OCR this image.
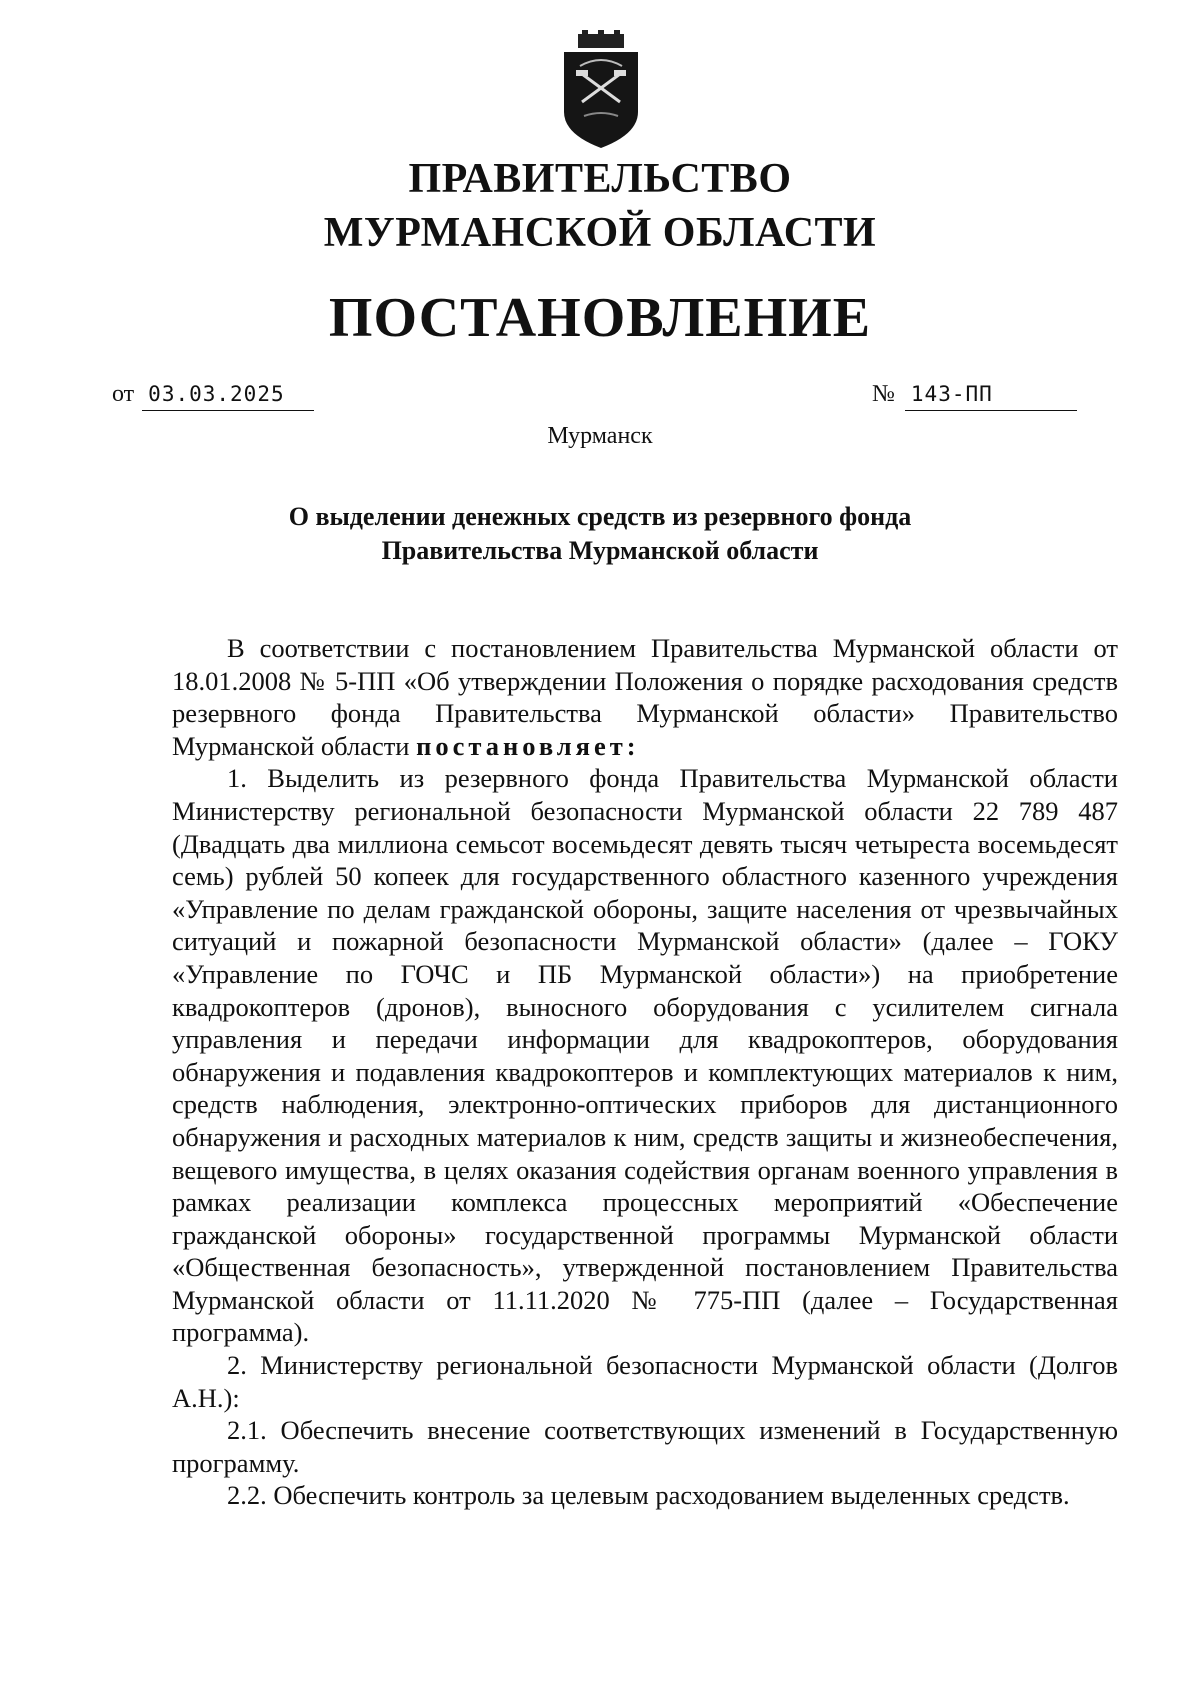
ПРАВИТЕЛЬСТВО
МУРМАНСКОЙ ОБЛАСТИ
ПОСТАНОВЛЕНИЕ
от 03.03.2025	№ 143-ПП
Мурманск
О выделении денежных средств из резервного фонда
Правительства Мурманской области

В соответствии с постановлением Правительства Мурманской области от 18.01.2008 № 5-ПП «Об утверждении Положения о порядке расходования средств резервного фонда Правительства Мурманской области» Правительство Мурманской области постановляет:

1. Выделить из резервного фонда Правительства Мурманской области Министерству региональной безопасности Мурманской области 22 789 487 (Двадцать два миллиона семьсот восемьдесят девять тысяч четыреста восемьдесят семь) рублей 50 копеек для государственного областного казенного учреждения «Управление по делам гражданской обороны, защите населения от чрезвычайных ситуаций и пожарной безопасности Мурманской области» (далее – ГОКУ «Управление по ГОЧС и ПБ Мурманской области») на приобретение квадрокоптеров (дронов), выносного оборудования с усилителем сигнала управления и передачи информации для квадрокоптеров, оборудования обнаружения и подавления квадрокоптеров и комплектующих материалов к ним, средств наблюдения, электронно-оптических приборов для дистанционного обнаружения и расходных материалов к ним, средств защиты и жизнеобеспечения, вещевого имущества, в целях оказания содействия органам военного управления в рамках реализации комплекса процессных мероприятий «Обеспечение гражданской обороны» государственной программы Мурманской области «Общественная безопасность», утвержденной постановлением Правительства Мурманской области от 11.11.2020 № 775-ПП (далее – Государственная программа).

2. Министерству региональной безопасности Мурманской области (Долгов А.Н.):

2.1. Обеспечить внесение соответствующих изменений в Государственную программу.

2.2. Обеспечить контроль за целевым расходованием выделенных средств.
